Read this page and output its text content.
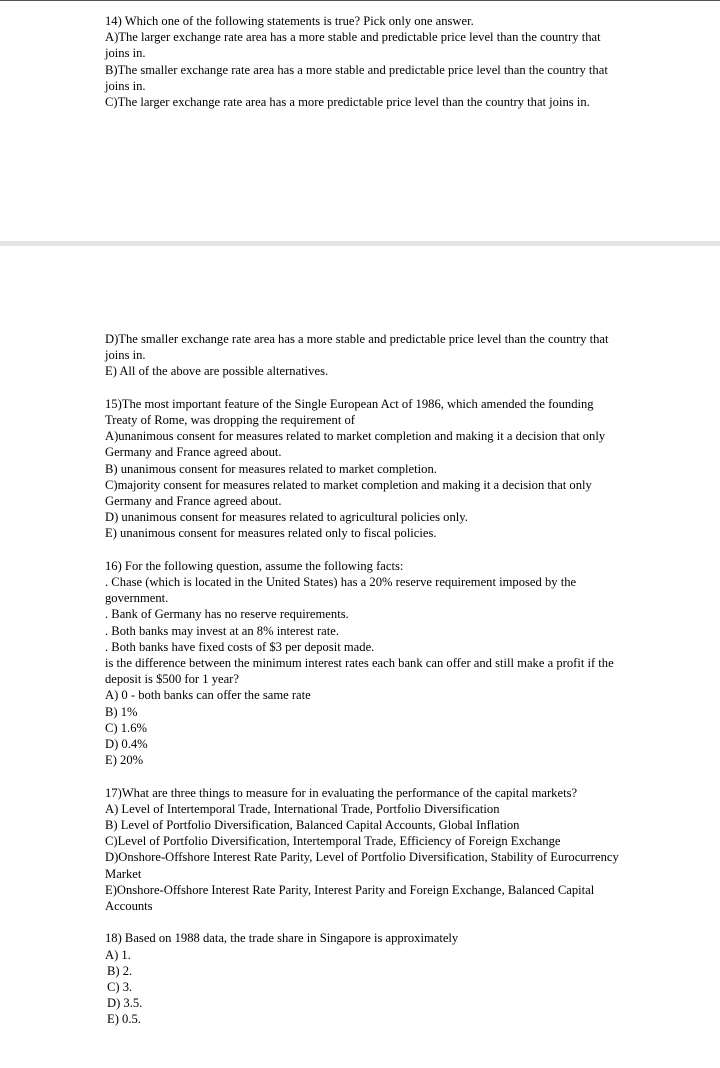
14) Which one of the following statements is true? Pick only one answer.
A)The larger exchange rate area has a more stable and predictable price level than the country that joins in.
B)The smaller exchange rate area has a more stable and predictable price level than the country that joins in.
C)The larger exchange rate area has a more predictable price level than the country that joins in.
D)The smaller exchange rate area has a more stable and predictable price level than the country that joins in.
E) All of the above are possible alternatives.
15)The most important feature of the Single European Act of 1986, which amended the founding Treaty of Rome, was dropping the requirement of
A)unanimous consent for measures related to market completion and making it a decision that only Germany and France agreed about.
B) unanimous consent for measures related to market completion.
C)majority consent for measures related to market completion and making it a decision that only Germany and France agreed about.
D) unanimous consent for measures related to agricultural policies only.
E) unanimous consent for measures related only to fiscal policies.
16) For the following question, assume the following facts:
. Chase (which is located in the United States) has a 20% reserve requirement imposed by the government.
. Bank of Germany has no reserve requirements.
. Both banks may invest at an 8% interest rate.
. Both banks have fixed costs of $3 per deposit made.
is the difference between the minimum interest rates each bank can offer and still make a profit if the deposit is $500 for 1 year?
A) 0 - both banks can offer the same rate
B) 1%
C) 1.6%
D) 0.4%
E) 20%
17)What are three things to measure for in evaluating the performance of the capital markets?
A) Level of Intertemporal Trade, International Trade, Portfolio Diversification
B) Level of Portfolio Diversification, Balanced Capital Accounts, Global Inflation
C)Level of Portfolio Diversification, Intertemporal Trade, Efficiency of Foreign Exchange
D)Onshore-Offshore Interest Rate Parity, Level of Portfolio Diversification, Stability of Eurocurrency Market
E)Onshore-Offshore Interest Rate Parity, Interest Parity and Foreign Exchange, Balanced Capital Accounts
18) Based on 1988 data, the trade share in Singapore is approximately
A) 1.
B) 2.
C) 3.
D) 3.5.
E) 0.5.
